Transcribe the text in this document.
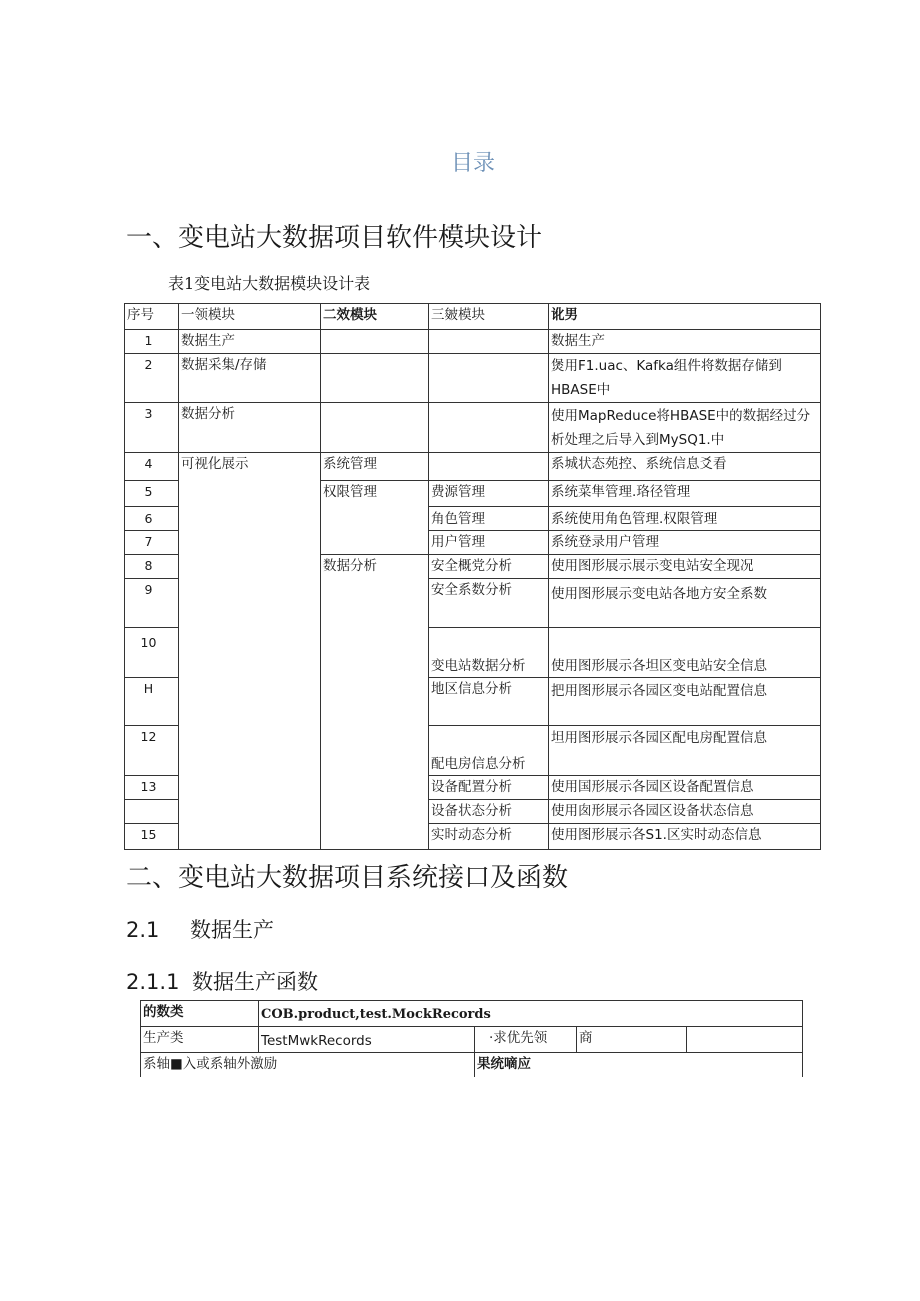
目录
一、变电站大数据项目软件模块设计
表1变电站大数据模块设计表
序号	一领模块	二效模块	三皴模块	讹男
1	数据生产			数据生产
2	数据采集/存储			煲用F1.uac、Kafka组件将数据存储到HBASE中
3	数据分析			使用MapReduce将HBASE中的数据经过分析处理之后导入到MySQ1.中
4	可视化展示	系统管理		系城状态苑控、系统信息爻看
5		权限管理	费源管理	系统菜隼管理.珞径管理
6			角色管理	系统使用角色管理.权限管理
7			用户管理	系统登录用户管理
8		数据分析	安全概党分析	使用图形展示展示变电站安全现况
9			安全系数分析	使用图形展示变电站各地方安全系数
10			变电站数据分析	使用图形展示各坦区变电站安全信息
H			地区信息分析	把用图形展示各园区变电站配置信息
12			配电房信息分析	坦用图形展示各园区配电房配置信息
13			设备配置分析	使用国形展示各园区设备配置信息
			设备状态分析	使用囱形展示各园区设备状态信息
15			实时动态分析	使用图形展示各S1.区实时动态信息
二、变电站大数据项目系统接口及函数
2.1 数据生产
2.1.1 数据生产函数
的数类	COB.product,test.MockRecords			
生产类	TestMwkRecords	·求优先领	商	
系轴■入或系轴外激励		果统嘀应		
